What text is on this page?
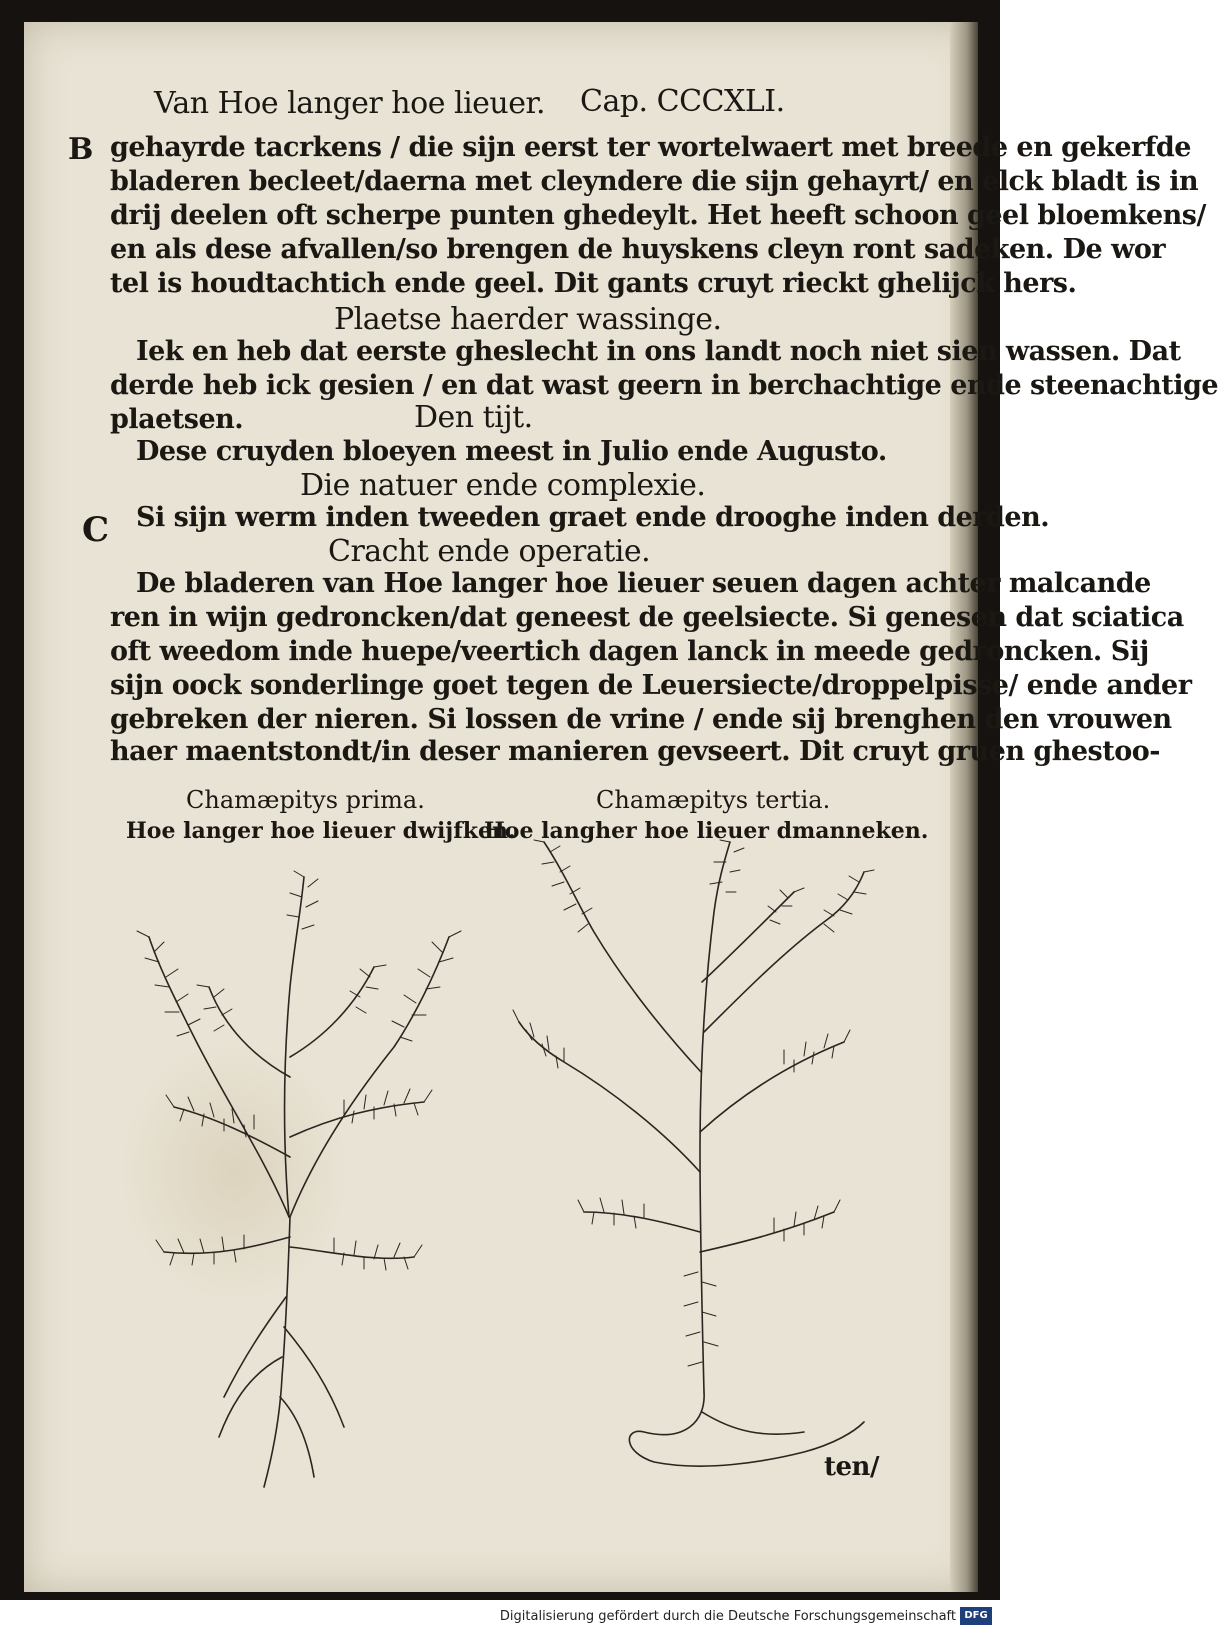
Van Hoe langer hoe lieuer. Cap. CCCXLI.
B
C
gehayrde tacrkens / die sijn eerst ter wortelwaert met breede en gekerfde
bladeren becleet/daerna met cleyndere die sijn gehayrt/ en elck bladt is in
drij deelen oft scherpe punten ghedeylt. Het heeft schoon geel bloemkens/
en als dese afvallen/so brengen de huyskens cleyn ront sadeken. De wor
tel is houdtachtich ende geel. Dit gants cruyt rieckt ghelijck hers.
Plaetse haerder wassinge.
Iek en heb dat eerste gheslecht in ons landt noch niet sien wassen. Dat
derde heb ick gesien / en dat wast geern in berchachtige ende steenachtige
plaetsen.	Den tijt.
Dese cruyden bloeyen meest in Julio ende Augusto.
Die natuer ende complexie.
Si sijn werm inden tweeden graet ende drooghe inden derden.
Cracht ende operatie.
De bladeren van Hoe langer hoe lieuer seuen dagen achter malcande
ren in wijn gedroncken/dat geneest de geelsiecte. Si genesen dat sciatica
oft weedom inde huepe/veertich dagen lanck in meede gedroncken. Sij
sijn oock sonderlinge goet tegen de Leuersiecte/droppelpisse/ ende ander
gebreken der nieren. Si lossen de vrine / ende sij brenghen den vrouwen
haer maentstondt/in deser manieren gevseert. Dit cruyt gruen ghestoo-
Chamæpitys prima.
Hoe langer hoe lieuer dwijfken.
Chamæpitys tertia.
Hoe langher hoe lieuer dmanneken.
ten/
Digitalisierung gefördert durch die Deutsche Forschungsgemeinschaft DFG
